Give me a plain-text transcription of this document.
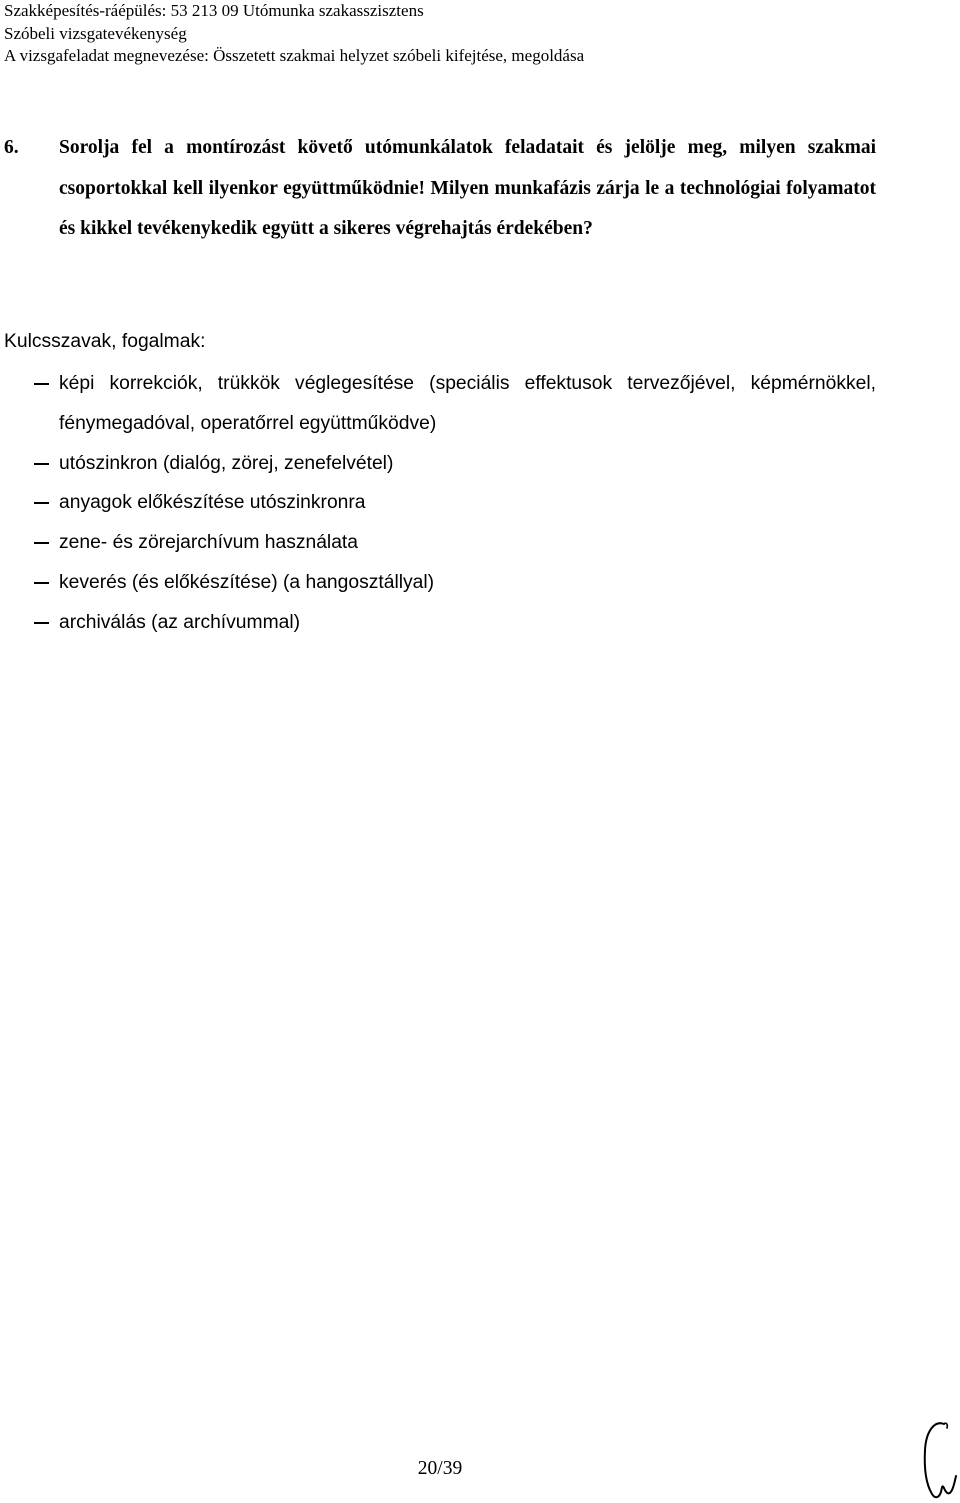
Szakképesítés-ráépülés: 53 213 09 Utómunka szakasszisztens
Szóbeli vizsgatevékenység
A vizsgafeladat megnevezése: Összetett szakmai helyzet szóbeli kifejtése, megoldása
6. Sorolja fel a montírozást követő utómunkálatok feladatait és jelölje meg, milyen szakmai csoportokkal kell ilyenkor együttműködnie! Milyen munkafázis zárja le a technológiai folyamatot és kikkel tevékenykedik együtt a sikeres végrehajtás érdekében?
Kulcsszavak, fogalmak:
képi korrekciók, trükkök véglegesítése (speciális effektusok tervezőjével, képmérnökkel, fénymegadóval, operatőrrel együttműködve)
utószinkron (dialóg, zörej, zenefelvétel)
anyagok előkészítése utószinkronra
zene- és zörejarchívum használata
keverés (és előkészítése) (a hangosztállyal)
archiválás (az archívummal)
20/39
